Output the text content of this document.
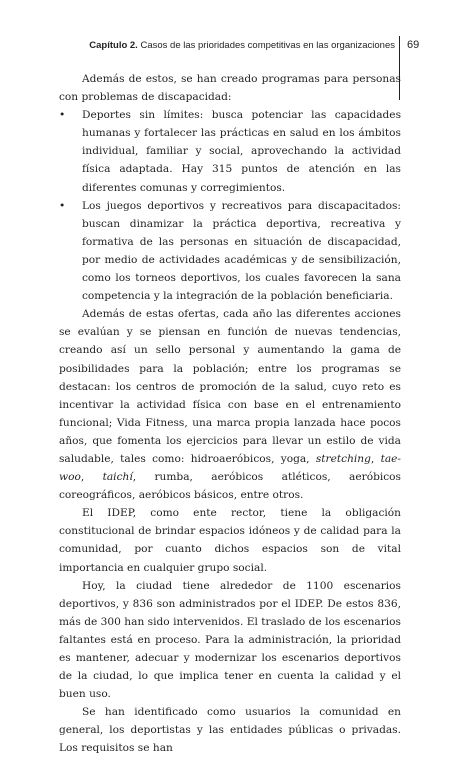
Capítulo 2. Casos de las prioridades competitivas en las organizaciones 69

Además de estos, se han creado programas para personas con problemas de discapacidad:

• Deportes sin límites: busca potenciar las capacidades humanas y fortalecer las prácticas en salud en los ámbitos individual, familiar y social, aprovechando la actividad física adaptada. Hay 315 puntos de atención en las diferentes comunas y corregimientos.

• Los juegos deportivos y recreativos para discapacitados: buscan dinamizar la práctica deportiva, recreativa y formativa de las personas en situación de discapacidad, por medio de actividades académicas y de sensibilización, como los torneos deportivos, los cuales favorecen la sana competencia y la integración de la población beneficiaria.

Además de estas ofertas, cada año las diferentes acciones se evalúan y se piensan en función de nuevas tendencias, creando así un sello personal y aumentando la gama de posibilidades para la población; entre los programas se destacan: los centros de promoción de la salud, cuyo reto es incentivar la actividad física con base en el entrenamiento funcional; Vida Fitness, una marca propia lanzada hace pocos años, que fomenta los ejercicios para llevar un estilo de vida saludable, tales como: hidroaeróbicos, yoga, stretching, tae-woo, taichí, rumba, aeróbicos atléticos, aeróbicos coreográficos, aeróbicos básicos, entre otros.

El IDEP, como ente rector, tiene la obligación constitucional de brindar espacios idóneos y de calidad para la comunidad, por cuanto dichos espacios son de vital importancia en cualquier grupo social.

Hoy, la ciudad tiene alrededor de 1100 escenarios deportivos, y 836 son administrados por el IDEP. De estos 836, más de 300 han sido intervenidos. El traslado de los escenarios faltantes está en proceso. Para la administración, la prioridad es mantener, adecuar y modernizar los escenarios deportivos de la ciudad, lo que implica tener en cuenta la calidad y el buen uso.

Se han identificado como usuarios la comunidad en general, los deportistas y las entidades públicas o privadas. Los requisitos se han
